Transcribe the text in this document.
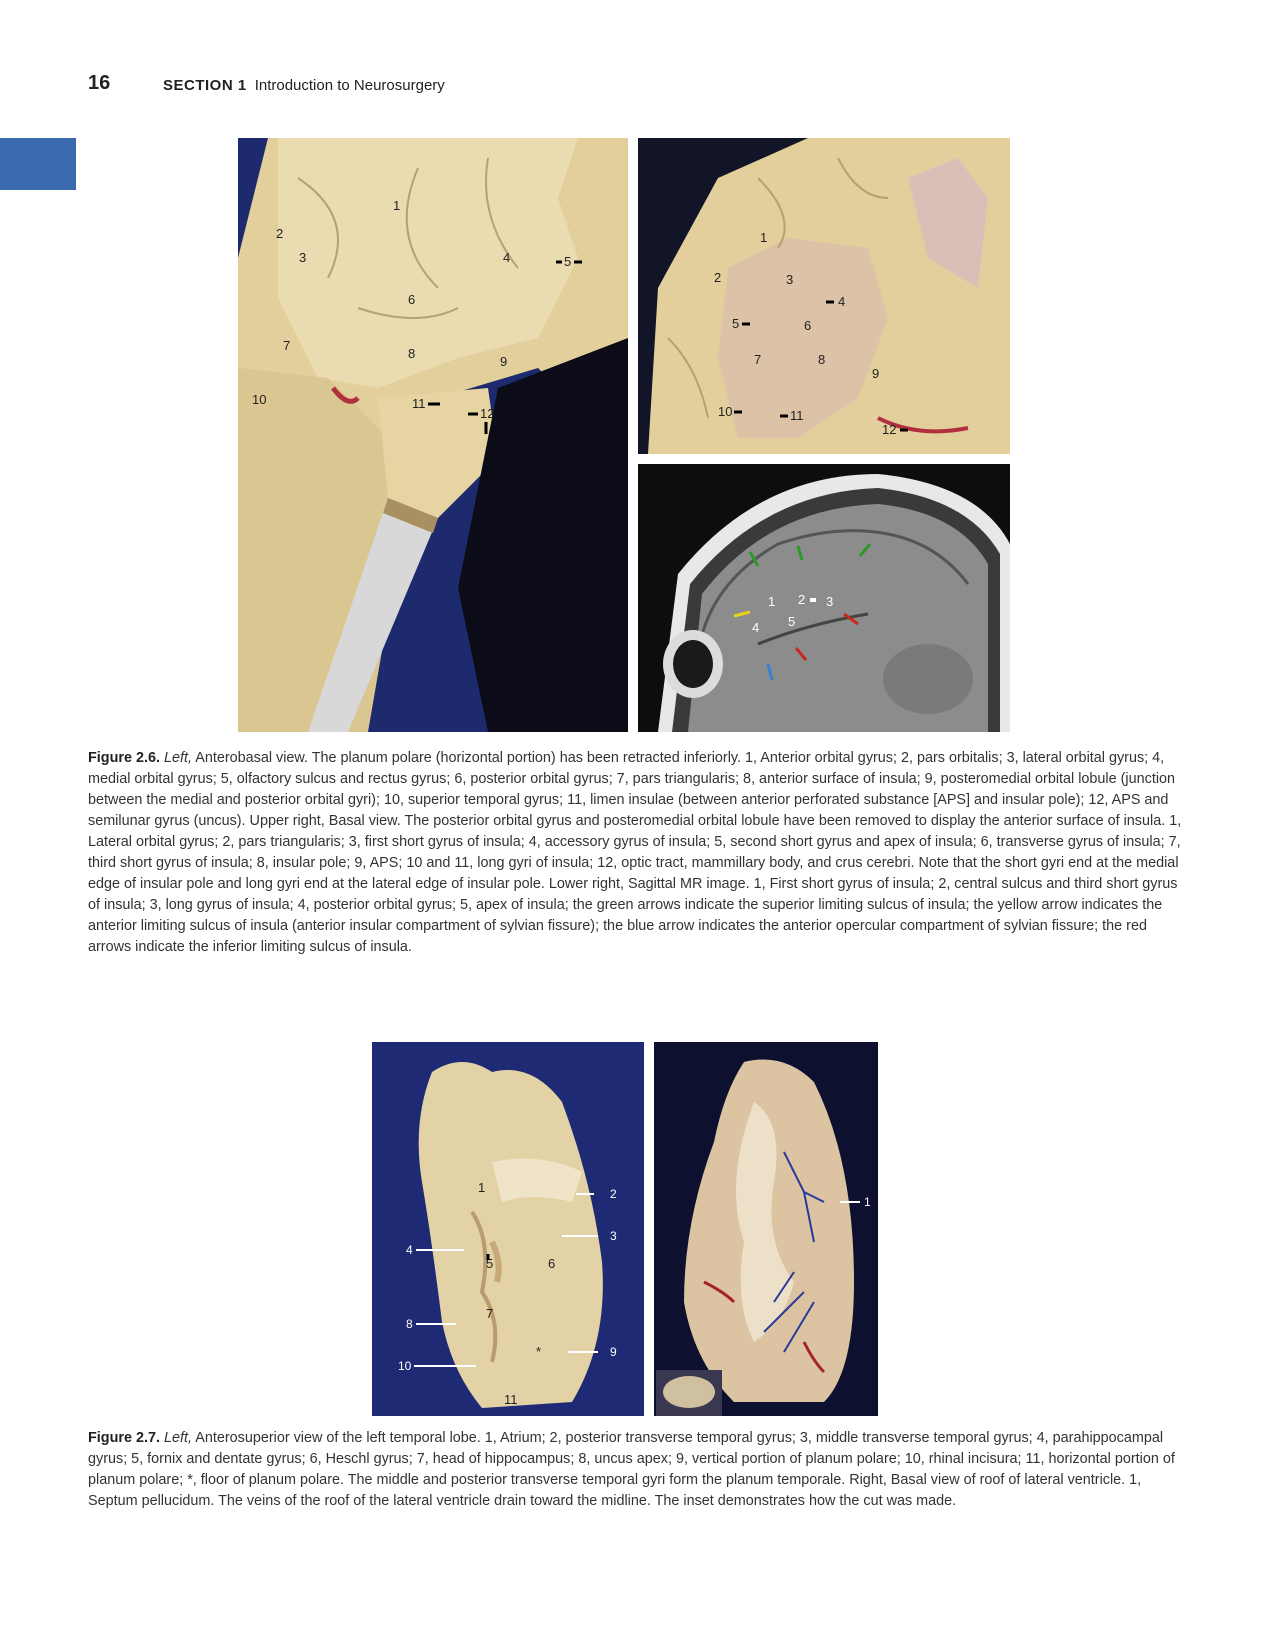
16	SECTION 1 Introduction to Neurosurgery
1
2
3	4	5
6
7
8
9
10	11
12
1
2	3
4
5	6
7	8
9
10	11
12
1 2 3
4 5
Figure 2.6. Left, Anterobasal view. The planum polare (horizontal portion) has been retracted inferiorly. 1, Anterior orbital gyrus; 2, pars orbitalis; 3, lateral orbital gyrus; 4, medial orbital gyrus; 5, olfactory sulcus and rectus gyrus; 6, posterior orbital gyrus; 7, pars triangularis; 8, anterior surface of insula; 9, posteromedial orbital lobule (junction between the medial and posterior orbital gyri); 10, superior temporal gyrus; 11, limen insulae (between anterior perforated substance [APS] and insular pole); 12, APS and semilunar gyrus (uncus). Upper right, Basal view. The posterior orbital gyrus and posteromedial orbital lobule have been removed to display the anterior surface of insula. 1, Lateral orbital gyrus; 2, pars triangularis; 3, first short gyrus of insula; 4, accessory gyrus of insula; 5, second short gyrus and apex of insula; 6, transverse gyrus of insula; 7, third short gyrus of insula; 8, insular pole; 9, APS; 10 and 11, long gyri of insula; 12, optic tract, mammillary body, and crus cerebri. Note that the short gyri end at the medial edge of insular pole and long gyri end at the lateral edge of insular pole. Lower right, Sagittal MR image. 1, First short gyrus of insula; 2, central sulcus and third short gyrus of insula; 3, long gyrus of insula; 4, posterior orbital gyrus; 5, apex of insula; the green arrows indicate the superior limiting sulcus of insula; the yellow arrow indicates the anterior limiting sulcus of insula (anterior insular compartment of sylvian fissure); the blue arrow indicates the anterior opercular compartment of sylvian fissure; the red arrows indicate the inferior limiting sulcus of insula.
1	2
3
4
5	6
7
8
*	9
10
11
1
Figure 2.7. Left, Anterosuperior view of the left temporal lobe. 1, Atrium; 2, posterior transverse temporal gyrus; 3, middle transverse temporal gyrus; 4, parahippocampal gyrus; 5, fornix and dentate gyrus; 6, Heschl gyrus; 7, head of hippocampus; 8, uncus apex; 9, vertical portion of planum polare; 10, rhinal incisura; 11, horizontal portion of planum polare; *, floor of planum polare. The middle and posterior transverse temporal gyri form the planum temporale. Right, Basal view of roof of lateral ventricle. 1, Septum pellucidum. The veins of the roof of the lateral ventricle drain toward the midline. The inset demonstrates how the cut was made.
